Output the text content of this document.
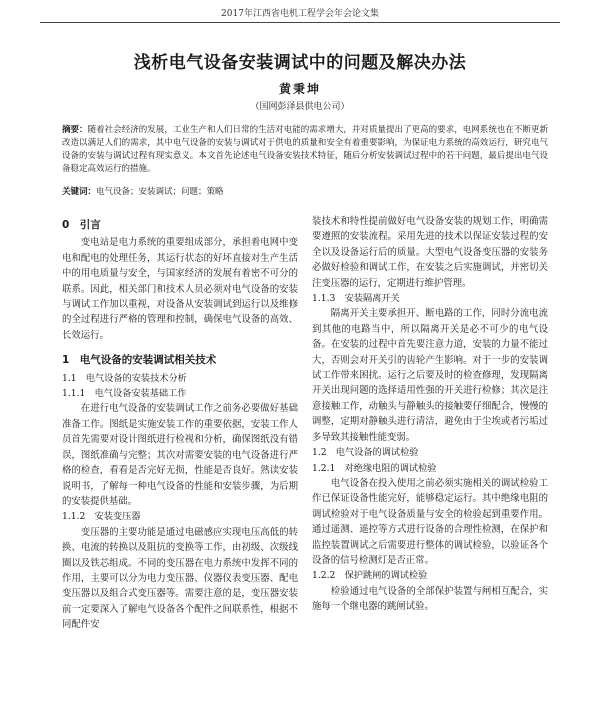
2017年江西省电机工程学会年会论文集
浅析电气设备安装调试中的问题及解决办法
黄秉坤
（国网彭泽县供电公司）
摘要：随着社会经济的发展，工业生产和人们日常的生活对电能的需求增大，并对质量提出了更高的要求，电网系统也在不断更新改造以满足人们的需求，其中电气设备的安装与调试对于供电的质量和安全有着重要影响，为保证电力系统的高效运行，研究电气设备的安装与调试过程有现实意义。本文首先论述电气设备安装技术特征，随后分析安装调试过程中的若干问题，最后提出电气设备稳定高效运行的措施。
关键词：电气设备；安装调试；问题；策略
0　引言

变电站是电力系统的重要组成部分，承担着电网中变电和配电的处理任务，其运行状态的好坏直接对生产生活中的用电质量与安全，与国家经济的发展有着密不可分的联系。因此，相关部门和技术人员必须对电气设备的安装与调试工作加以重视，对设备从安装调试到运行以及维修的全过程进行严格的管理和控制，确保电气设备的高效、长效运行。

1　电气设备的安装调试相关技术
1.1　电气设备的安装技术分析
1.1.1　电气设备安装基础工作

在进行电气设备的安装调试工作之前务必要做好基础准备工作。图纸是实施安装工作的重要依据，安装工作人员首先需要对设计图纸进行检视和分析，确保图纸没有错误，图纸准确与完整；其次对需要安装的电气设备进行严格的检查，看看是否完好无损，性能是否良好。熟读安装说明书，了解每一种电气设备的性能和安装步骤，为后期的安装提供基础。

1.1.2　安装变压器

变压器的主要功能是通过电磁感应实现电压高低的转换、电流的转换以及阻抗的变换等工作，由初级、次级线圈以及铁芯组成。不同的变压器在电力系统中发挥不同的作用，主要可以分为电力变压器、仪器仪表变压器、配电变压器以及组合式变压器等。需要注意的是，变压器安装前一定要深入了解电气设备各个配件之间联系性，根据不同配件安

装技术和特性提前做好电气设备安装的规划工作，明确需要遵照的安装流程。采用先进的技术以保证安装过程的安全以及设备运行后的质量。大型电气设备变压器的安装务必做好检验和调试工作，在安装之后实施调试，并密切关注变压器的运行，定期进行维护管理。

1.1.3　安装隔离开关

隔离开关主要承担开、断电路的工作，同时分流电流到其他的电路当中，所以隔离开关是必不可少的电气设备。在安装的过程中首先要注意力道，安装的力量不能过大，否则会对开关引的齿轮产生影响。对于一步的安装调试工作带来困扰。运行之后要及时的检查修理，发现隔离开关出现问题的选择适用性强的开关进行检修；其次是注意接触工作，动触头与静触头的接触要仔细配合，慢慢的调整，定期对静触头进行清洁，避免由于尘埃或者污垢过多导致其接触性能变弱。

1.2　电气设备的调试检验
1.2.1　对绝缘电阻的调试检验

电气设备在投入使用之前必须实施相关的调试检验工作已保证设备性能完好，能够稳定运行。其中绝缘电阻的调试检验对于电气设备质量与安全的检验起到重要作用。通过遥测、遥控等方式进行设备的合理性检测，在保护和监控装置调试之后需要进行整体的调试检验，以验证各个设备的信号检测灯是否正常。

1.2.2　保护跳闸的调试检验

检验通过电气设备的全部保护装置与闸相互配合，实施每一个继电器的跳闸试验。
